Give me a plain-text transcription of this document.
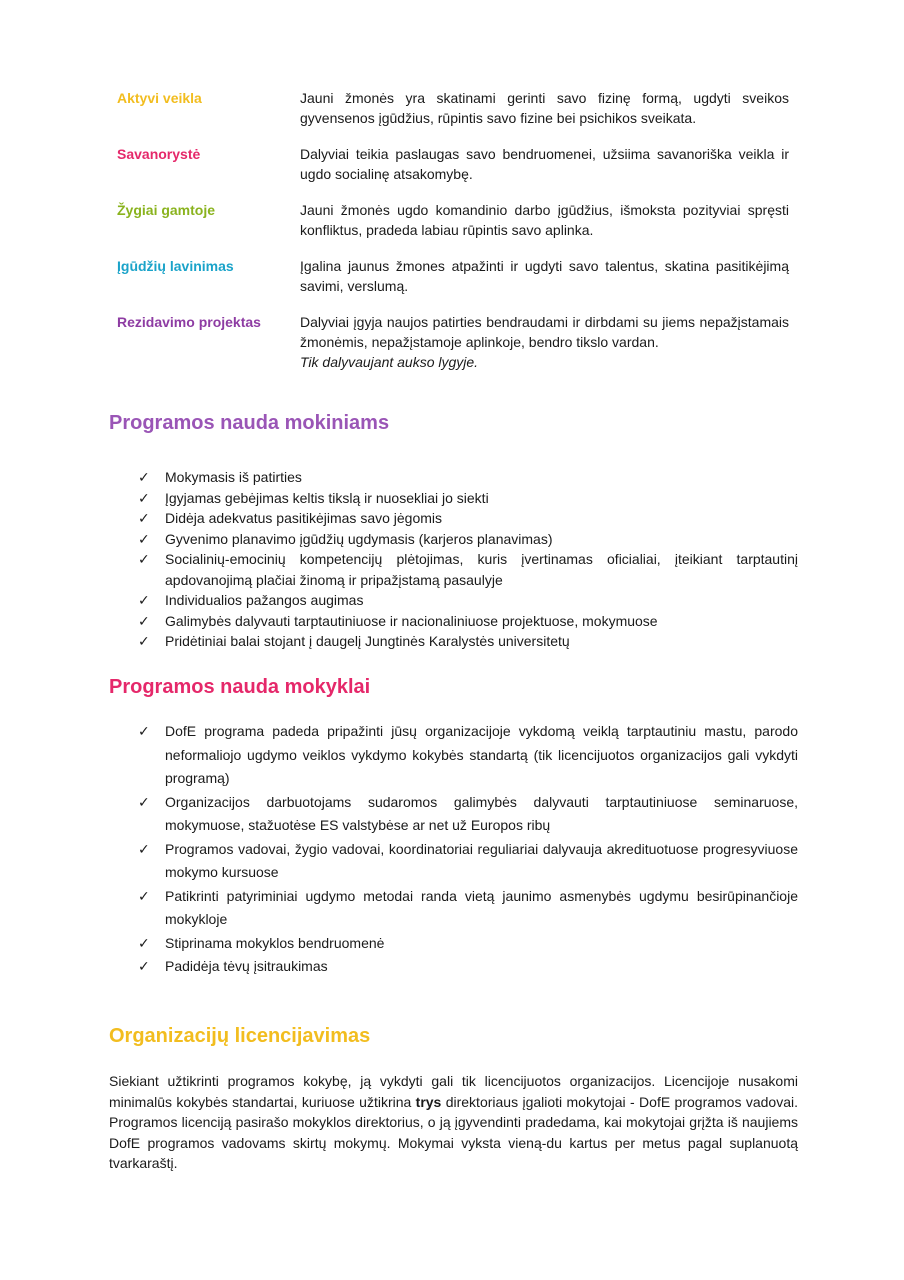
Aktyvi veikla	Jauni žmonės yra skatinami gerinti savo fizinę formą, ugdyti sveikos gyvensenos įgūdžius, rūpintis savo fizine bei psichikos sveikata.
Savanorystė	Dalyviai teikia paslaugas savo bendruomenei, užsiima savanoriška veikla ir ugdo socialinę atsakomybę.
Žygiai gamtoje	Jauni žmonės ugdo komandinio darbo įgūdžius, išmoksta pozityviai spręsti konfliktus, pradeda labiau rūpintis savo aplinka.
Įgūdžių lavinimas	Įgalina jaunus žmones atpažinti ir ugdyti savo talentus, skatina pasitikėjimą savimi, verslumą.
Rezidavimo projektas	Dalyviai įgyja naujos patirties bendraudami ir dirbdami su jiems nepažįstamais žmonėmis, nepažįstamoje aplinkoje, bendro tikslo vardan.
Tik dalyvaujant aukso lygyje.
Programos nauda mokiniams
✓	Mokymasis iš patirties
✓	Įgyjamas gebėjimas keltis tikslą ir nuosekliai jo siekti
✓	Didėja adekvatus pasitikėjimas savo jėgomis
✓	Gyvenimo planavimo įgūdžių ugdymasis (karjeros planavimas)
✓	Socialinių-emocinių kompetencijų plėtojimas, kuris įvertinamas oficialiai, įteikiant tarptautinį apdovanojimą plačiai žinomą ir pripažįstamą pasaulyje
✓	Individualios pažangos augimas
✓	Galimybės dalyvauti tarptautiniuose ir nacionaliniuose projektuose, mokymuose
✓	Pridėtiniai balai stojant į daugelį Jungtinės Karalystės universitetų
Programos nauda mokyklai
✓	DofE programa padeda pripažinti jūsų organizacijoje vykdomą veiklą tarptautiniu mastu, parodo neformaliojo ugdymo veiklos vykdymo kokybės standartą (tik licencijuotos organizacijos gali vykdyti programą)
✓	Organizacijos darbuotojams sudaromos galimybės dalyvauti tarptautiniuose seminaruose, mokymuose, stažuotėse ES valstybėse ar net už Europos ribų
✓	Programos vadovai, žygio vadovai, koordinatoriai reguliariai dalyvauja akredituotuose progresyviuose mokymo kursuose
✓	Patikrinti patyriminiai ugdymo metodai randa vietą jaunimo asmenybės ugdymu besirūpinančioje mokykloje
✓	Stiprinama mokyklos bendruomenė
✓	Padidėja tėvų įsitraukimas
Organizacijų licencijavimas

Siekiant užtikrinti programos kokybę, ją vykdyti gali tik licencijuotos organizacijos. Licencijoje nusakomi minimalūs kokybės standartai, kuriuose užtikrina trys direktoriaus įgalioti mokytojai - DofE programos vadovai. Programos licenciją pasirašo mokyklos direktorius, o ją įgyvendinti pradedama, kai mokytojai grįžta iš naujiems DofE programos vadovams skirtų mokymų. Mokymai vyksta vieną-du kartus per metus pagal suplanuotą tvarkaraštį.
